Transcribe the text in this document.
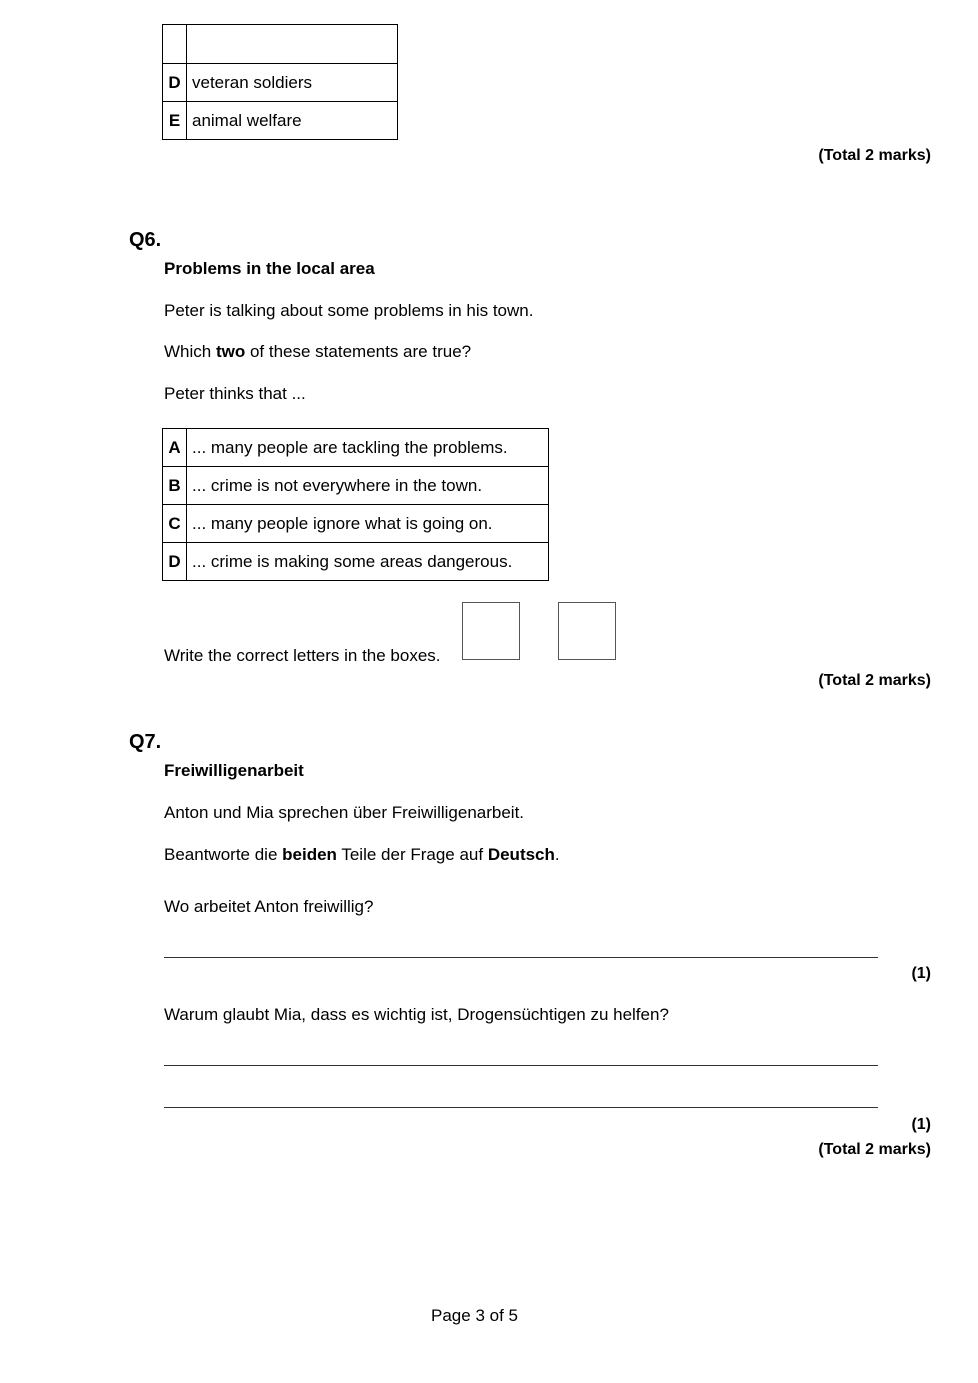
D	veteran soldiers
E	animal welfare
(Total 2 marks)
Q6.
Problems in the local area
Peter is talking about some problems in his town.
Which two of these statements are true?
Peter thinks that ...
A	... many people are tackling the problems.
B	... crime is not everywhere in the town.
C	... many people ignore what is going on.
D	... crime is making some areas dangerous.
Write the correct letters in the boxes.
(Total 2 marks)
Q7.
Freiwilligenarbeit
Anton und Mia sprechen über Freiwilligenarbeit.
Beantworte die beiden Teile der Frage auf Deutsch.
Wo arbeitet Anton freiwillig?
(1)
Warum glaubt Mia, dass es wichtig ist, Drogensüchtigen zu helfen?
(1)
(Total 2 marks)
Page 3 of 5
